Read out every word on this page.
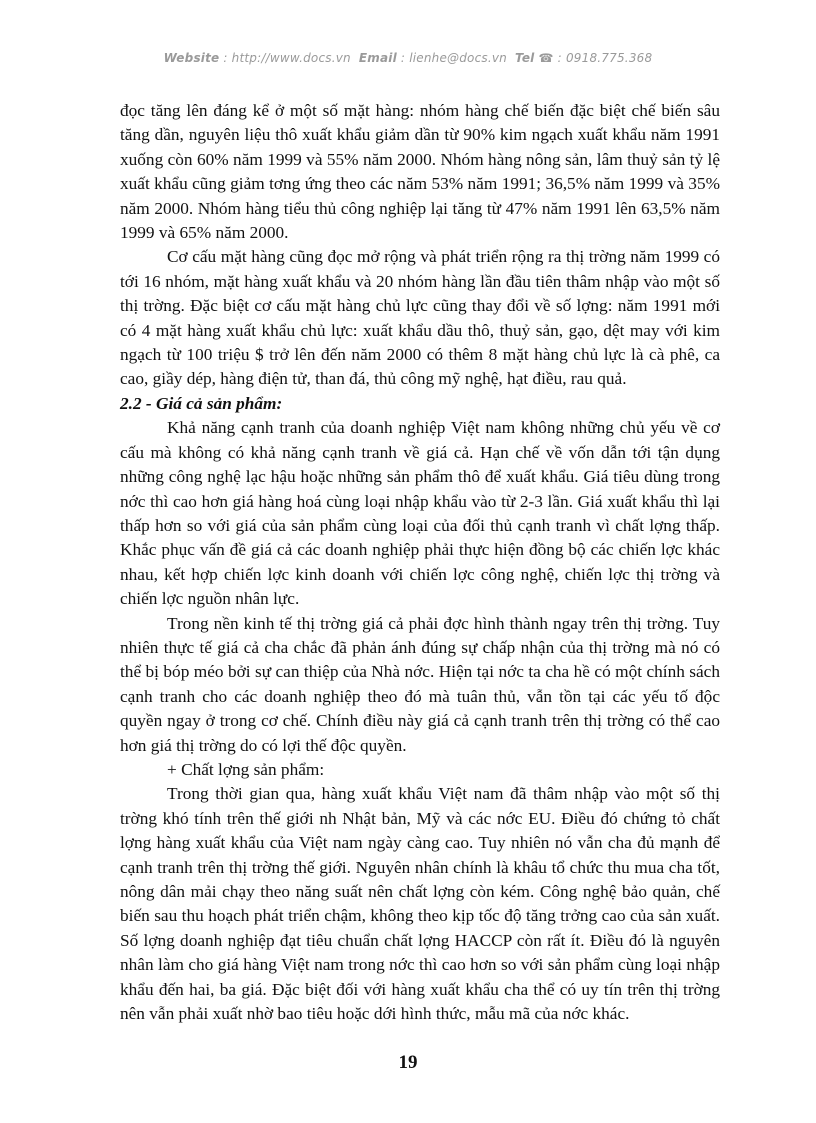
Website : http://www.docs.vn Email : lienhe@docs.vn Tel ☎ : 0918.775.368

đọc tăng lên đáng kể ở một số mặt hàng: nhóm hàng chế biến đặc biệt chế biến sâu tăng dần, nguyên liệu thô xuất khẩu giảm dần từ 90% kim ngạch xuất khẩu năm 1991 xuống còn 60% năm 1999 và 55% năm 2000. Nhóm hàng nông sản, lâm thuỷ sản tỷ lệ xuất khẩu cũng giảm tơng ứng theo các năm 53% năm 1991; 36,5% năm 1999 và 35% năm 2000. Nhóm hàng tiểu thủ công nghiệp lại tăng từ 47% năm 1991 lên 63,5% năm 1999 và 65% năm 2000.

Cơ cấu mặt hàng cũng đọc mở rộng và phát triển rộng ra thị trờng năm 1999 có tới 16 nhóm, mặt hàng xuất khẩu và 20 nhóm hàng lần đầu tiên thâm nhập vào một số thị trờng. Đặc biệt cơ cấu mặt hàng chủ lực cũng thay đổi về số lợng: năm 1991 mới có 4 mặt hàng xuất khẩu chủ lực: xuất khẩu dầu thô, thuỷ sản, gạo, dệt may với kim ngạch từ 100 triệu $ trở lên đến năm 2000 có thêm 8 mặt hàng chủ lực là cà phê, ca cao, giầy dép, hàng điện tử, than đá, thủ công mỹ nghệ, hạt điều, rau quả.

2.2 - Giá cả sản phẩm:

Khả năng cạnh tranh của doanh nghiệp Việt nam không những chủ yếu về cơ cấu mà không có khả năng cạnh tranh về giá cả. Hạn chế về vốn dẫn tới tận dụng những công nghệ lạc hậu hoặc những sản phẩm thô để xuất khẩu. Giá tiêu dùng trong nớc thì cao hơn giá hàng hoá cùng loại nhập khẩu vào từ 2-3 lần. Giá xuất khẩu thì lại thấp hơn so với giá của sản phẩm cùng loại của đối thủ cạnh tranh vì chất lợng thấp. Khắc phục vấn đề giá cả các doanh nghiệp phải thực hiện đồng bộ các chiến lợc khác nhau, kết hợp chiến lợc kinh doanh với chiến lợc công nghệ, chiến lợc thị trờng và chiến lợc nguồn nhân lực.

Trong nền kinh tế thị trờng giá cả phải đợc hình thành ngay trên thị trờng. Tuy nhiên thực tế giá cả cha chắc đã phản ánh đúng sự chấp nhận của thị trờng mà nó có thể bị bóp méo bởi sự can thiệp của Nhà nớc. Hiện tại nớc ta cha hề có một chính sách cạnh tranh cho các doanh nghiệp theo đó mà tuân thủ, vẫn tồn tại các yếu tố độc quyền ngay ở trong cơ chế. Chính điều này giá cả cạnh tranh trên thị trờng có thể cao hơn giá thị trờng do có lợi thế độc quyền.

+ Chất lợng sản phẩm:

Trong thời gian qua, hàng xuất khẩu Việt nam đã thâm nhập vào một số thị trờng khó tính trên thế giới nh Nhật bản, Mỹ và các nớc EU. Điều đó chứng tỏ chất lợng hàng xuất khẩu của Việt nam ngày càng cao. Tuy nhiên nó vẫn cha đủ mạnh để cạnh tranh trên thị trờng thế giới. Nguyên nhân chính là khâu tổ chức thu mua cha tốt, nông dân mải chạy theo năng suất nên chất lợng còn kém. Công nghệ bảo quản, chế biến sau thu hoạch phát triển chậm, không theo kịp tốc độ tăng trởng cao của sản xuất. Số lợng doanh nghiệp đạt tiêu chuẩn chất lợng HACCP còn rất ít. Điều đó là nguyên nhân làm cho giá hàng Việt nam trong nớc thì cao hơn so với sản phẩm cùng loại nhập khẩu đến hai, ba giá. Đặc biệt đối với hàng xuất khẩu cha thể có uy tín trên thị trờng nên vẫn phải xuất nhờ bao tiêu hoặc dới hình thức, mẫu mã của nớc khác.

19
